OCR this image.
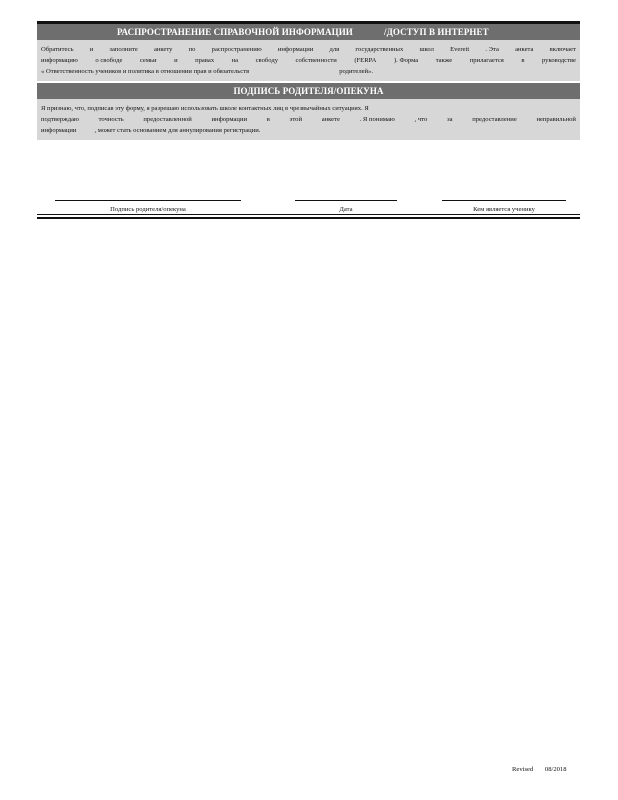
РАСПРОСТРАНЕНИЕ СПРАВОЧНОЙ ИНФОРМАЦИИ	/ДОСТУП В ИНТЕРНЕТ
Обратитесь и заполните анкету по распространению информации для государственных школ Everett . Эта анкета включает
информацию	о свободе	семьи	и	правах	на	свободу	собственности	(FERPA	). Форма	также	прилагается	в	руководстве
« Ответственность учеников и политика в отношении прав и обязательств	родителей».
ПОДПИСЬ РОДИТЕЛЯ/ОПЕКУНА
Я признаю, что, подписав эту форму, я разрешаю использовать школе контактных лиц в чрезвычайных ситуациях. Я
подтверждаю	точность	предоставленной	информации	в	этой	анкете	. Я понимаю	, что	за	предоставление	неправильной
информации	, может стать основанием для аннулирования регистрации.
Подпись родителя/опекуна	Дата	Кем является ученику
Revised 08/2018
